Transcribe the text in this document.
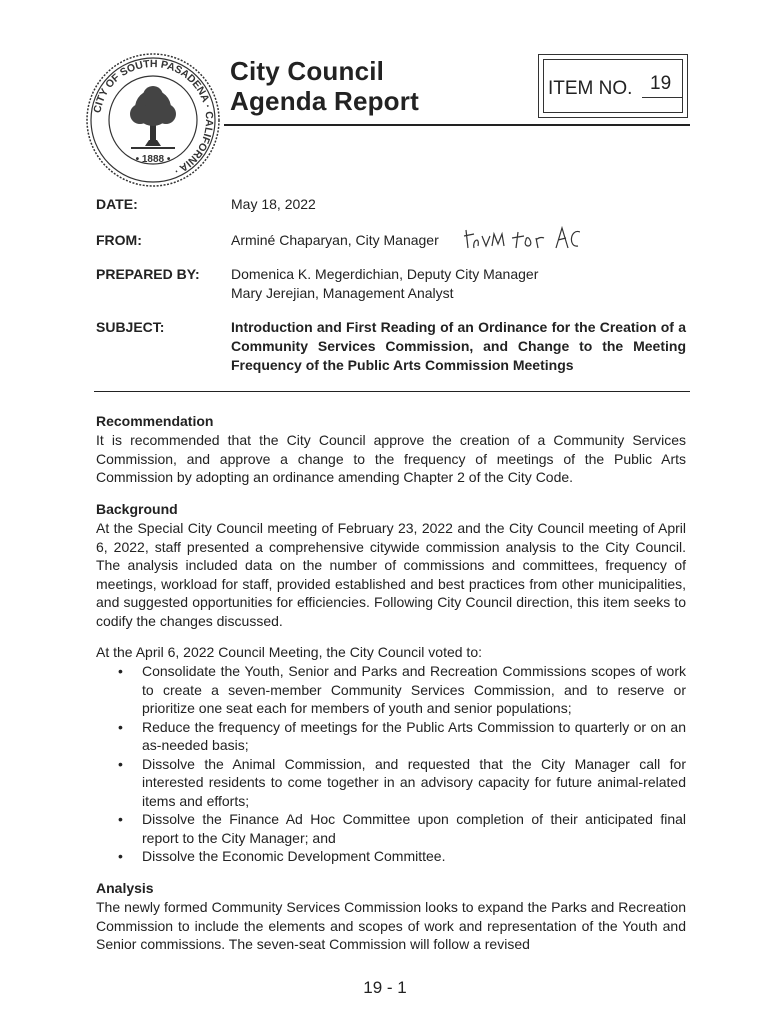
CITY OF SOUTH PASADENA · CALIFORNIA ·
• 1888 •
City Council
Agenda Report	ITEM NO. 19
DATE:	May 18, 2022
FROM:	Arminé Chaparyan, City Manager
PREPARED BY: Domenica K. Megerdichian, Deputy City Manager
Mary Jerejian, Management Analyst
SUBJECT:	Introduction and First Reading of an Ordinance for the Creation of a Community Services Commission, and Change to the Meeting Frequency of the Public Arts Commission Meetings
Recommendation
It is recommended that the City Council approve the creation of a Community Services Commission, and approve a change to the frequency of meetings of the Public Arts Commission by adopting an ordinance amending Chapter 2 of the City Code.
Background
At the Special City Council meeting of February 23, 2022 and the City Council meeting of April 6, 2022, staff presented a comprehensive citywide commission analysis to the City Council. The analysis included data on the number of commissions and committees, frequency of meetings, workload for staff, provided established and best practices from other municipalities, and suggested opportunities for efficiencies. Following City Council direction, this item seeks to codify the changes discussed.
At the April 6, 2022 Council Meeting, the City Council voted to:
• Consolidate the Youth, Senior and Parks and Recreation Commissions scopes of work to create a seven-member Community Services Commission, and to reserve or prioritize one seat each for members of youth and senior populations;
• Reduce the frequency of meetings for the Public Arts Commission to quarterly or on an as-needed basis;
• Dissolve the Animal Commission, and requested that the City Manager call for interested residents to come together in an advisory capacity for future animal-related items and efforts;
• Dissolve the Finance Ad Hoc Committee upon completion of their anticipated final report to the City Manager; and
• Dissolve the Economic Development Committee.
Analysis
The newly formed Community Services Commission looks to expand the Parks and Recreation Commission to include the elements and scopes of work and representation of the Youth and Senior commissions. The seven-seat Commission will follow a revised
19 - 1
